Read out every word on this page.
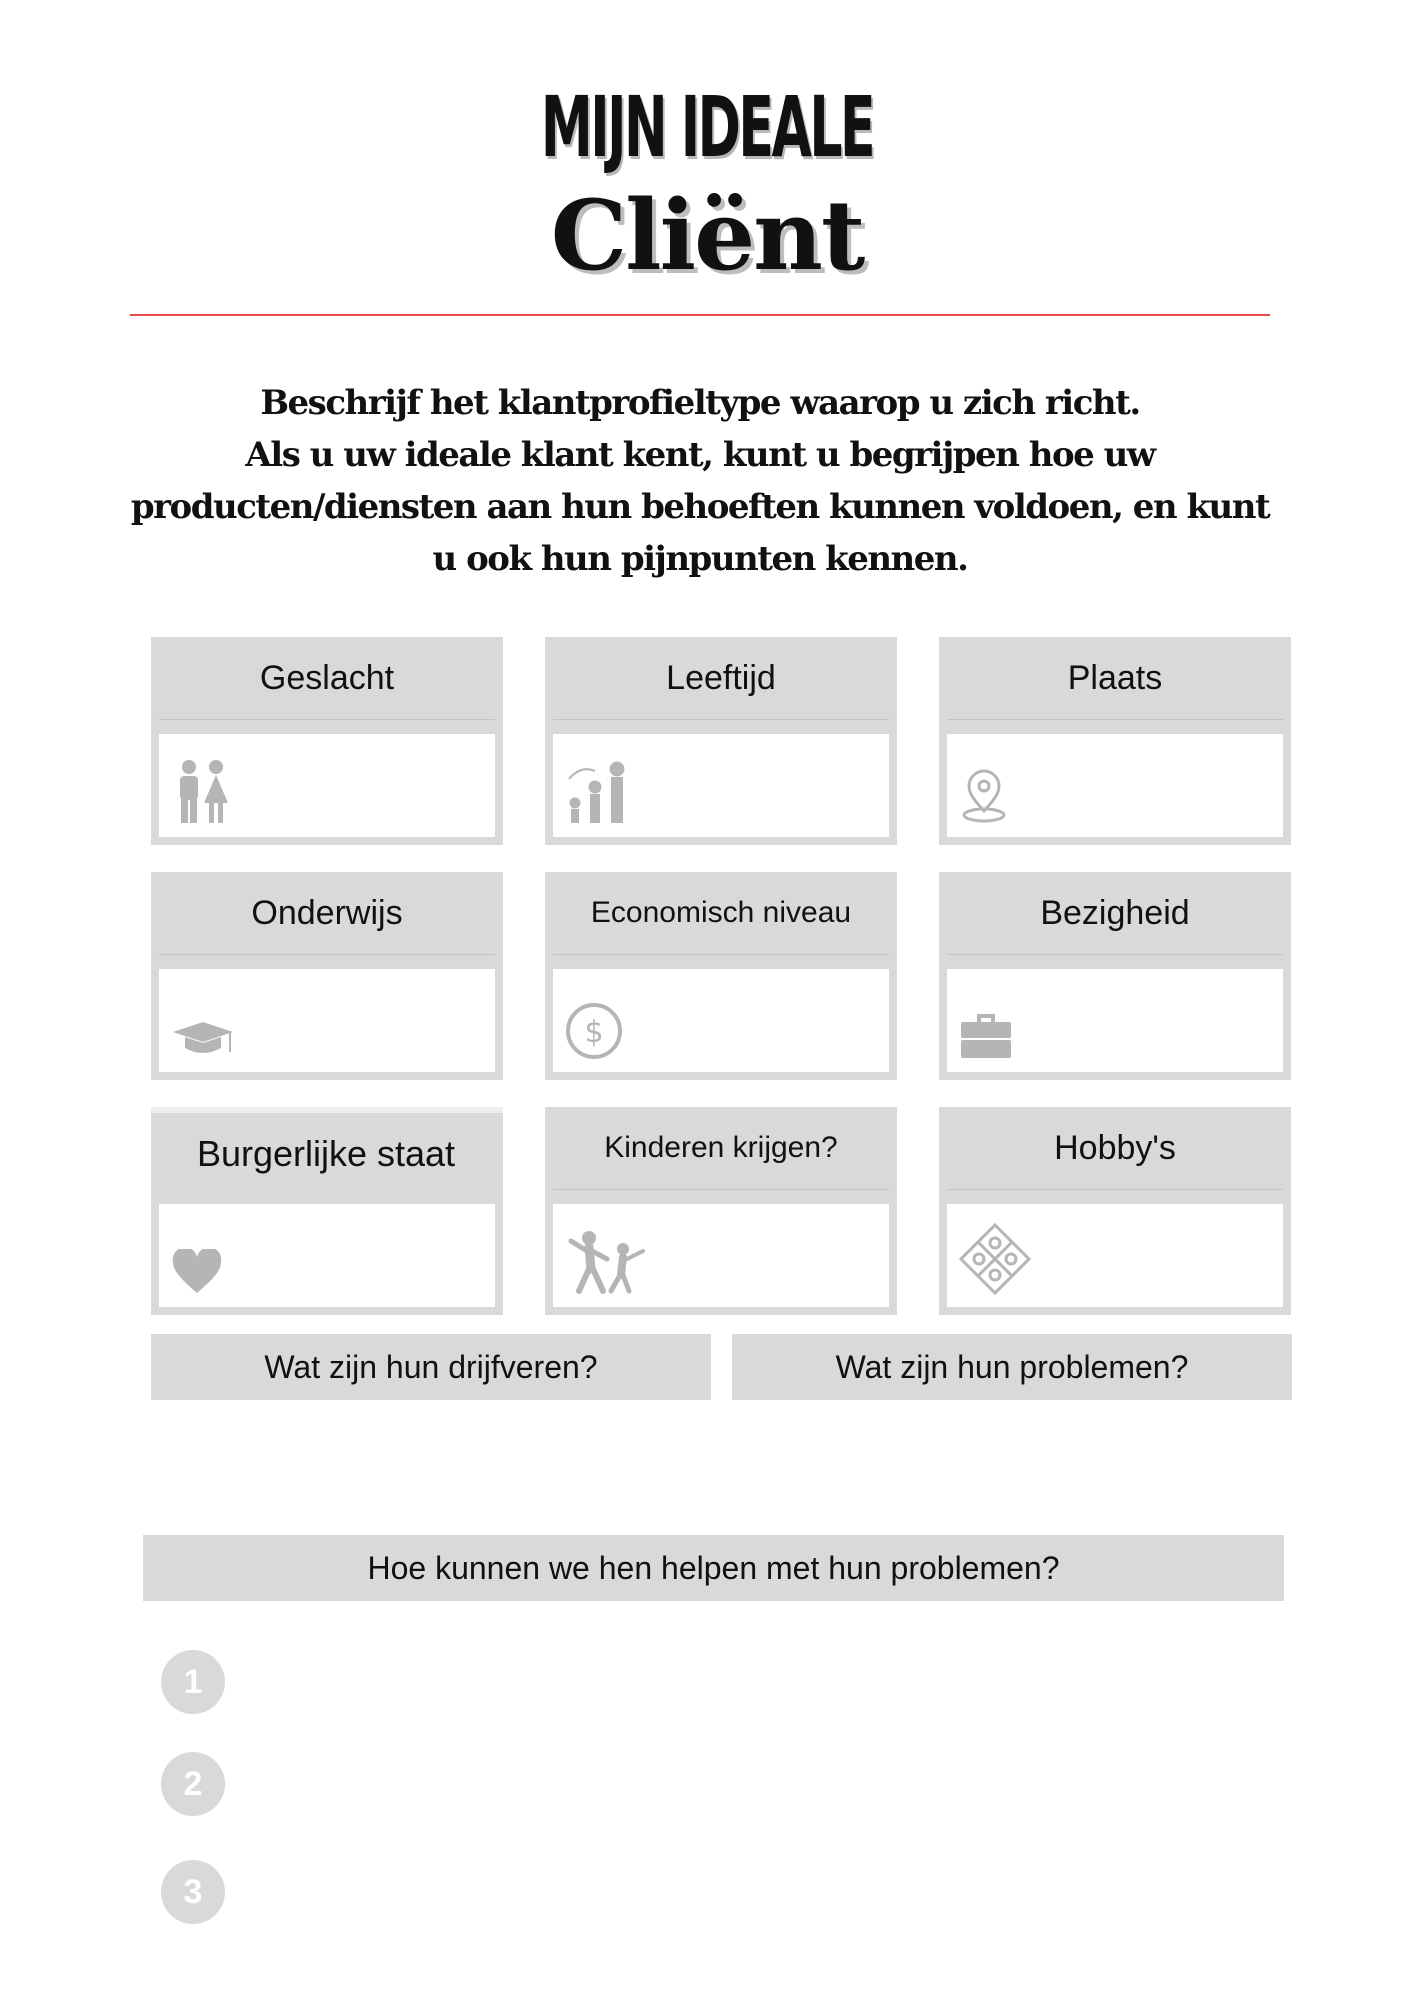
MIJN IDEALE
Cliënt
Beschrijf het klantprofieltype waarop u zich richt.
Als u uw ideale klant kent, kunt u begrijpen hoe uw
producten/diensten aan hun behoeften kunnen voldoen, en kunt
u ook hun pijnpunten kennen.
Geslacht	Leeftijd	Plaats
Onderwijs	Economisch niveau
$
Bezigheid
Burgerlijke staat	Kinderen krijgen?	Hobby's
Wat zijn hun drijfveren?	Wat zijn hun problemen?
Hoe kunnen we hen helpen met hun problemen?
1
2
3
